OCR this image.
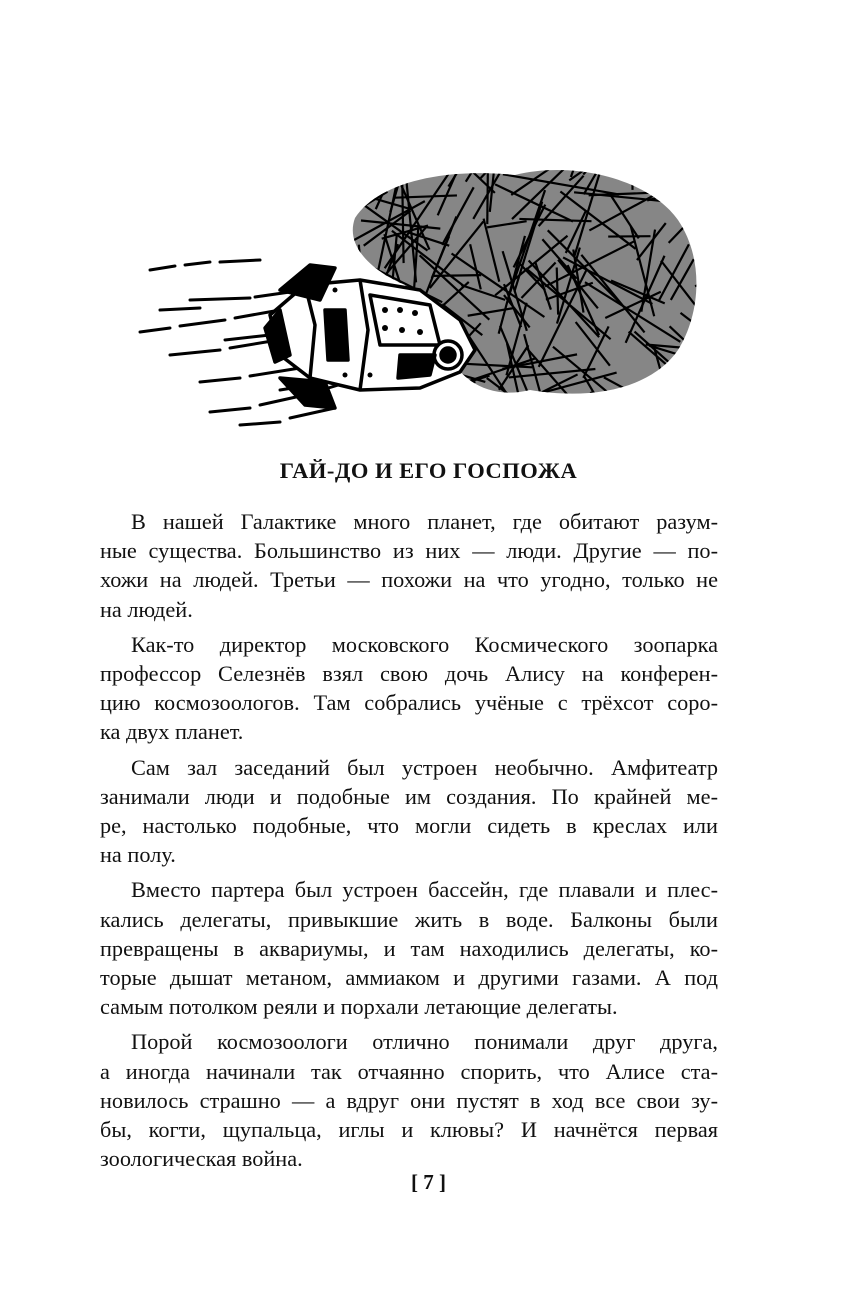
ГАЙ-ДО И ЕГО ГОСПОЖА
В нашей Галактике много планет, где обитают разум-
ные существа. Большинство из них — люди. Другие — по-
хожи на людей. Третьи — похожи на что угодно, только не
на людей.
Как-то директор московского Космического зоопарка
профессор Селезнёв взял свою дочь Алису на конферен-
цию космозоологов. Там собрались учёные с трёхсот соро-
ка двух планет.
Сам зал заседаний был устроен необычно. Амфитеатр
занимали люди и подобные им создания. По крайней ме-
ре, настолько подобные, что могли сидеть в креслах или
на полу.
Вместо партера был устроен бассейн, где плавали и плес-
кались делегаты, привыкшие жить в воде. Балконы были
превращены в аквариумы, и там находились делегаты, ко-
торые дышат метаном, аммиаком и другими газами. А под
самым потолком реяли и порхали летающие делегаты.
Порой космозоологи отлично понимали друг друга,
а иногда начинали так отчаянно спорить, что Алисе ста-
новилось страшно — а вдруг они пустят в ход все свои зу-
бы, когти, щупальца, иглы и клювы? И начнётся первая
зоологическая война.
[ 7 ]
